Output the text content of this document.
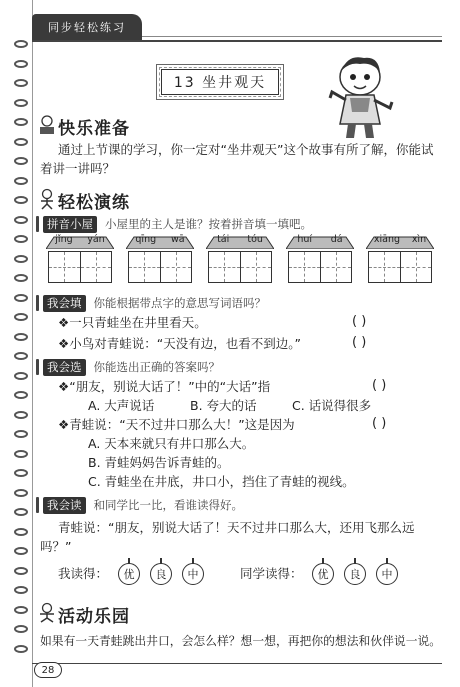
同步轻松练习
13 坐井观天
快乐准备
通过上节课的学习，你一定对“坐井观天”这个故事有所了解，你能试
着讲一讲吗？
轻松演练
拼音小屋	小屋里的主人是谁？按着拼音填一填吧。
jǐng yán	qīng wā	tái tóu	huí dá	xiāng xìn
我会填	你能根据带点字的意思写词语吗？
❖一只青蛙坐在井里看天。	( )
❖小鸟对青蛙说：“天没有边，也看不到边。”	( )
我会选	你能选出正确的答案吗？
❖“朋友，别说大话了！”中的“大话”指	( )
A. 大声说话	B. 夸大的话	C. 话说得很多
❖青蛙说：“天不过井口那么大！”这是因为	( )
A. 天本来就只有井口那么大。
B. 青蛙妈妈告诉青蛙的。
C. 青蛙坐在井底，井口小，挡住了青蛙的视线。
我会读	和同学比一比，看谁读得好。
青蛙说：“朋友，别说大话了！天不过井口那么大，还用飞那么远
吗？”
我读得：	优	良	中	同学读得：	优	良	中
活动乐园
如果有一天青蛙跳出井口，会怎么样？想一想，再把你的想法和伙伴说一说。
28
